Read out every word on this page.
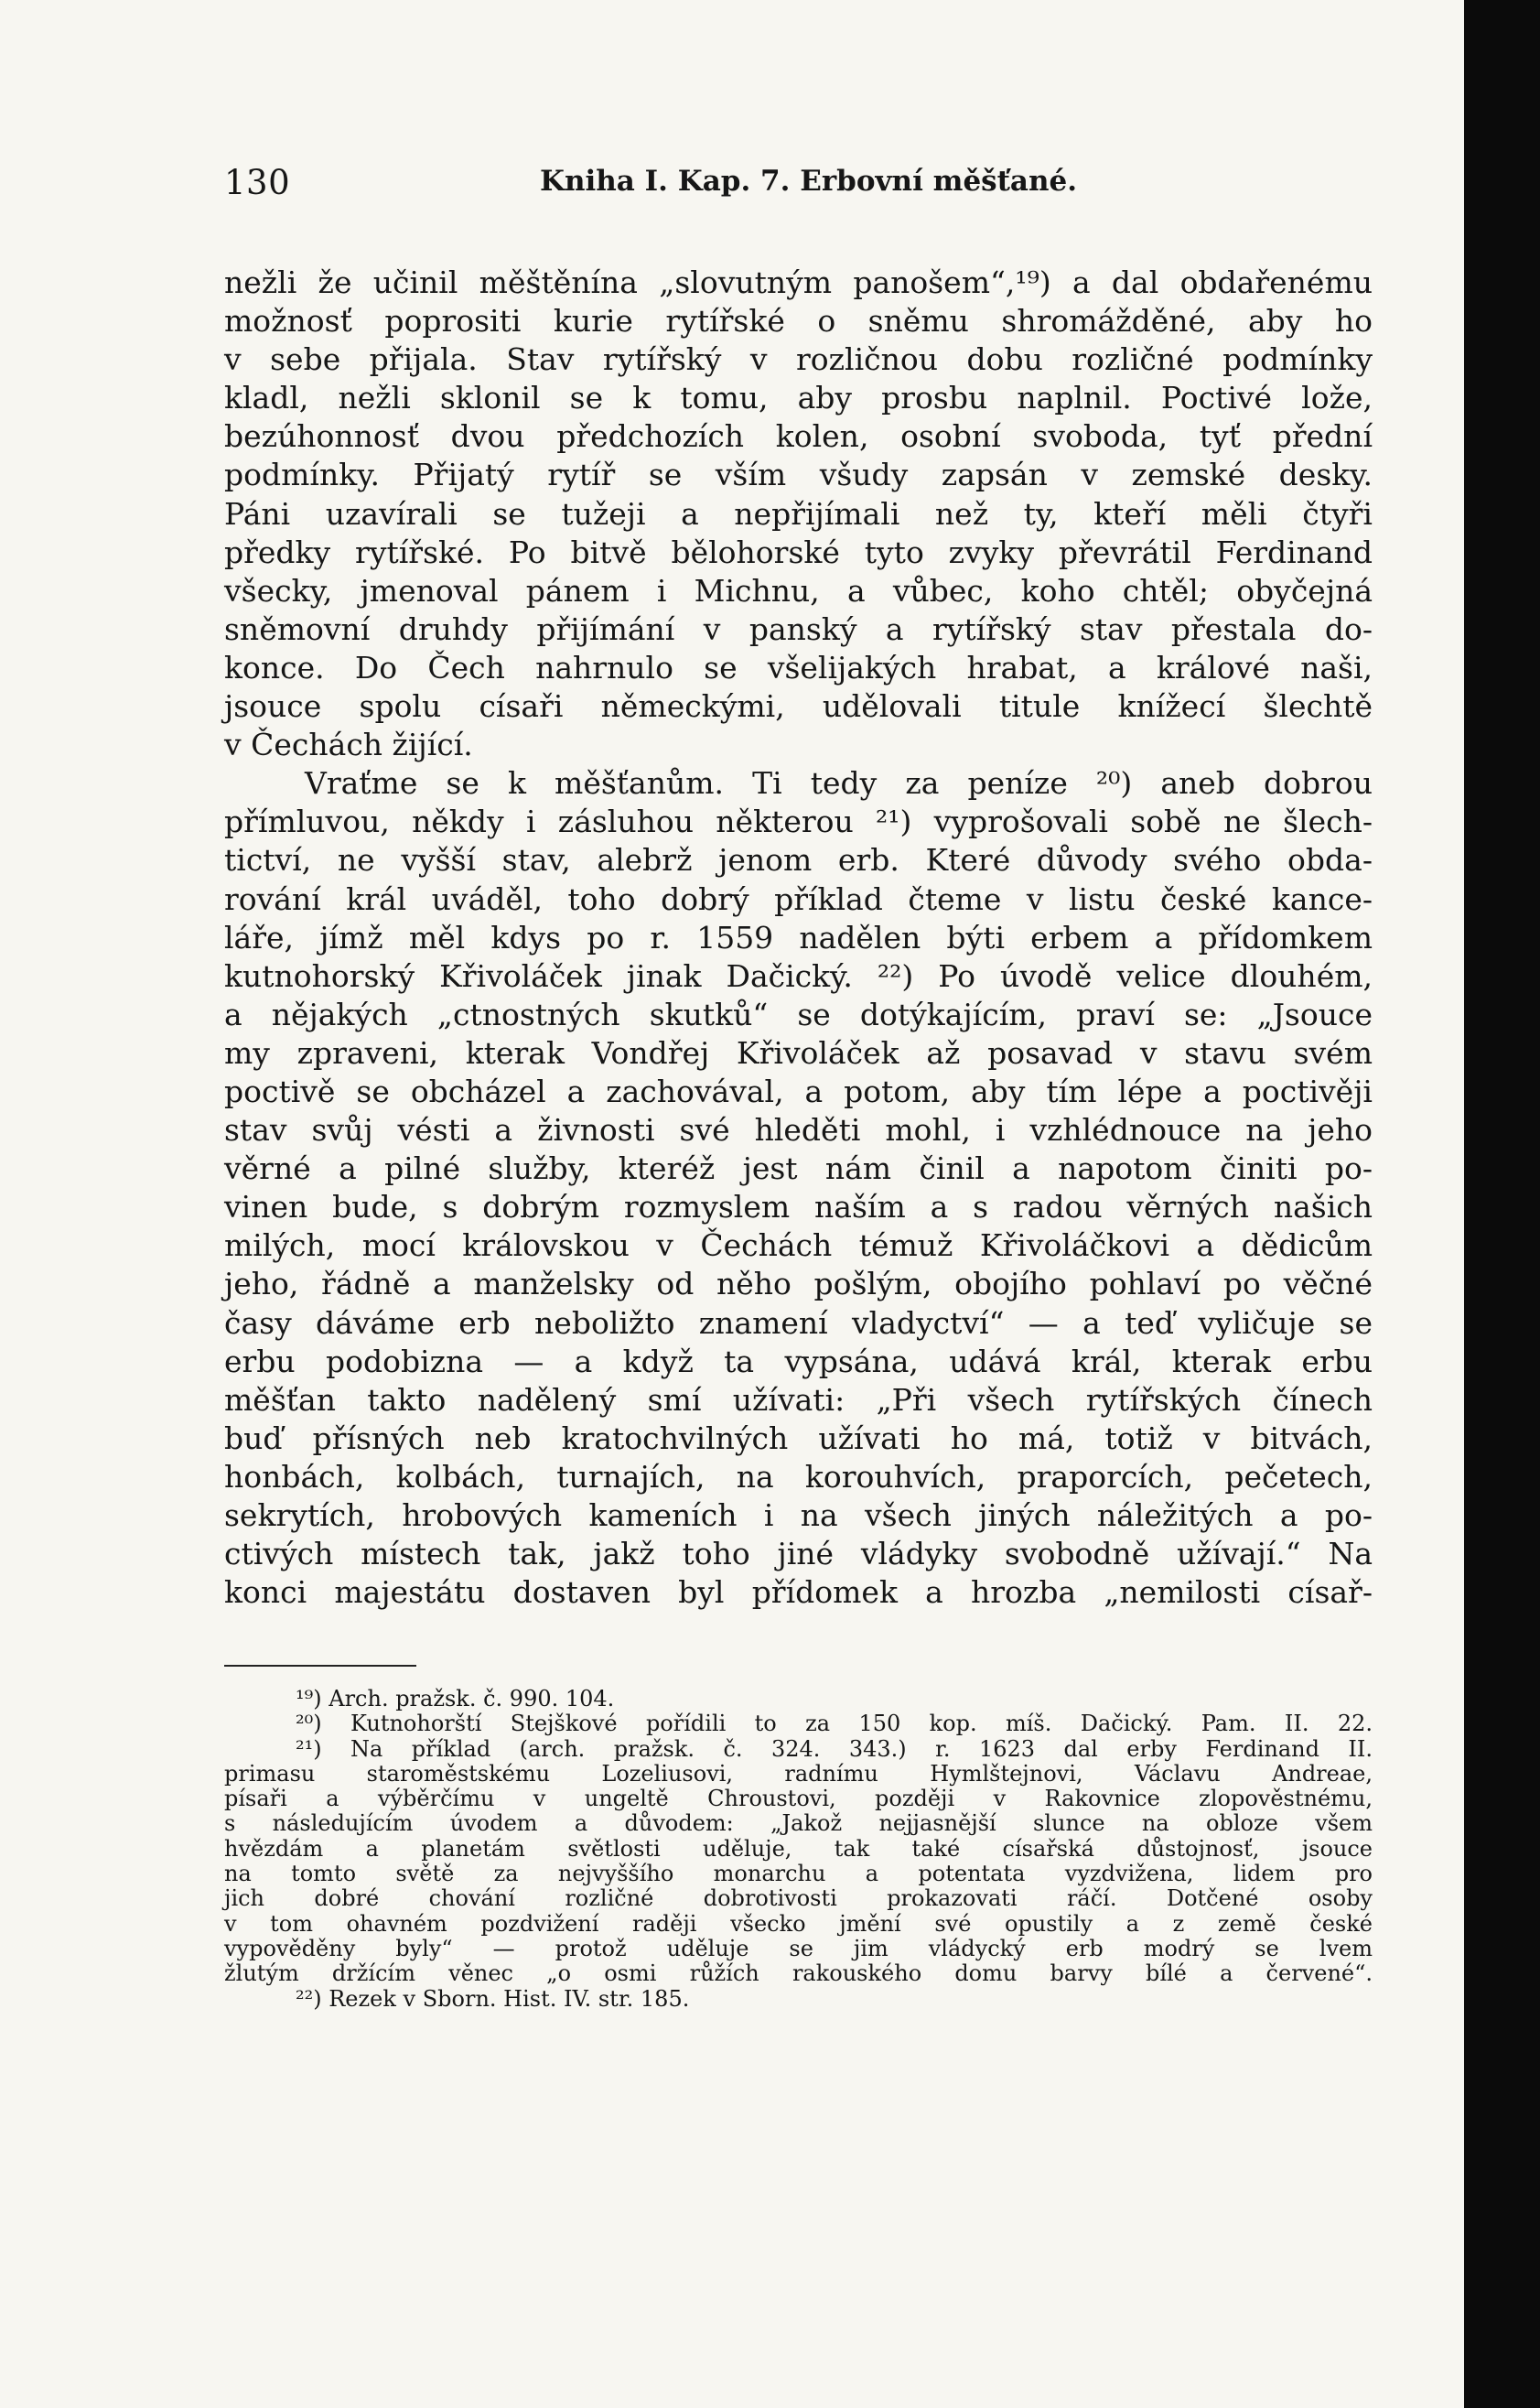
130	Kniha I. Kap. 7. Erbovní měšťané.
nežli že učinil měštěnína „slovutným panošem“,¹⁹) a dal obdařenému
možnosť poprositi kurie rytířské o sněmu shromážděné, aby ho
v sebe přijala. Stav rytířský v rozličnou dobu rozličné podmínky
kladl, nežli sklonil se k tomu, aby prosbu naplnil. Poctivé lože,
bezúhonnosť dvou předchozích kolen, osobní svoboda, tyť přední
podmínky. Přijatý rytíř se vším všudy zapsán v zemské desky.
Páni uzavírali se tužeji a nepřijímali než ty, kteří měli čtyři
předky rytířské. Po bitvě bělohorské tyto zvyky převrátil Ferdinand
všecky, jmenoval pánem i Michnu, a vůbec, koho chtěl; obyčejná
sněmovní druhdy přijímání v panský a rytířský stav přestala do-
konce. Do Čech nahrnulo se všelijakých hrabat, a králové naši,
jsouce spolu císaři německými, udělovali titule knížecí šlechtě
v Čechách žijící.
Vraťme se k měšťanům. Ti tedy za peníze ²⁰) aneb dobrou
přímluvou, někdy i zásluhou některou ²¹) vyprošovali sobě ne šlech-
tictví, ne vyšší stav, alebrž jenom erb. Které důvody svého obda-
rování král uváděl, toho dobrý příklad čteme v listu české kance-
láře, jímž měl kdys po r. 1559 nadělen býti erbem a přídomkem
kutnohorský Křivoláček jinak Dačický. ²²) Po úvodě velice dlouhém,
a nějakých „ctnostných skutků“ se dotýkajícím, praví se: „Jsouce
my zpraveni, kterak Vondřej Křivoláček až posavad v stavu svém
poctivě se obcházel a zachovával, a potom, aby tím lépe a poctivěji
stav svůj vésti a živnosti své hleděti mohl, i vzhlédnouce na jeho
věrné a pilné služby, kteréž jest nám činil a napotom činiti po-
vinen bude, s dobrým rozmyslem naším a s radou věrných našich
milých, mocí královskou v Čechách témuž Křivoláčkovi a dědicům
jeho, řádně a manželsky od něho pošlým, obojího pohlaví po věčné
časy dáváme erb neboližto znamení vladyctví“ — a teď vyličuje se
erbu podobizna — a když ta vypsána, udává král, kterak erbu
měšťan takto nadělený smí užívati: „Při všech rytířských čínech
buď přísných neb kratochvilných užívati ho má, totiž v bitvách,
honbách, kolbách, turnajích, na korouhvích, praporcích, pečetech,
sekrytích, hrobových kameních i na všech jiných náležitých a po-
ctivých místech tak, jakž toho jiné vládyky svobodně užívají.“ Na
konci majestátu dostaven byl přídomek a hrozba „nemilosti císař-
¹⁹) Arch. pražsk. č. 990. 104.
²⁰) Kutnohorští Stejškové pořídili to za 150 kop. míš. Dačický. Pam. II. 22.
²¹) Na příklad (arch. pražsk. č. 324. 343.) r. 1623 dal erby Ferdinand II.
primasu staroměstskému Lozeliusovi, radnímu Hymlštejnovi, Václavu Andreae,
písaři a výběrčímu v ungeltě Chroustovi, později v Rakovnice zlopověstnému,
s následujícím úvodem a důvodem: „Jakož nejjasnější slunce na obloze všem
hvězdám a planetám světlosti uděluje, tak také císařská důstojnosť, jsouce
na tomto světě za nejvyššího monarchu a potentata vyzdvižena, lidem pro
jich dobré chování rozličné dobrotivosti prokazovati ráčí. Dotčené osoby
v tom ohavném pozdvižení raději všecko jmění své opustily a z země české
vypověděny byly“ — protož uděluje se jim vládycký erb modrý se lvem
žlutým držícím věnec „o osmi růžích rakouského domu barvy bílé a červené“.
²²) Rezek v Sborn. Hist. IV. str. 185.
